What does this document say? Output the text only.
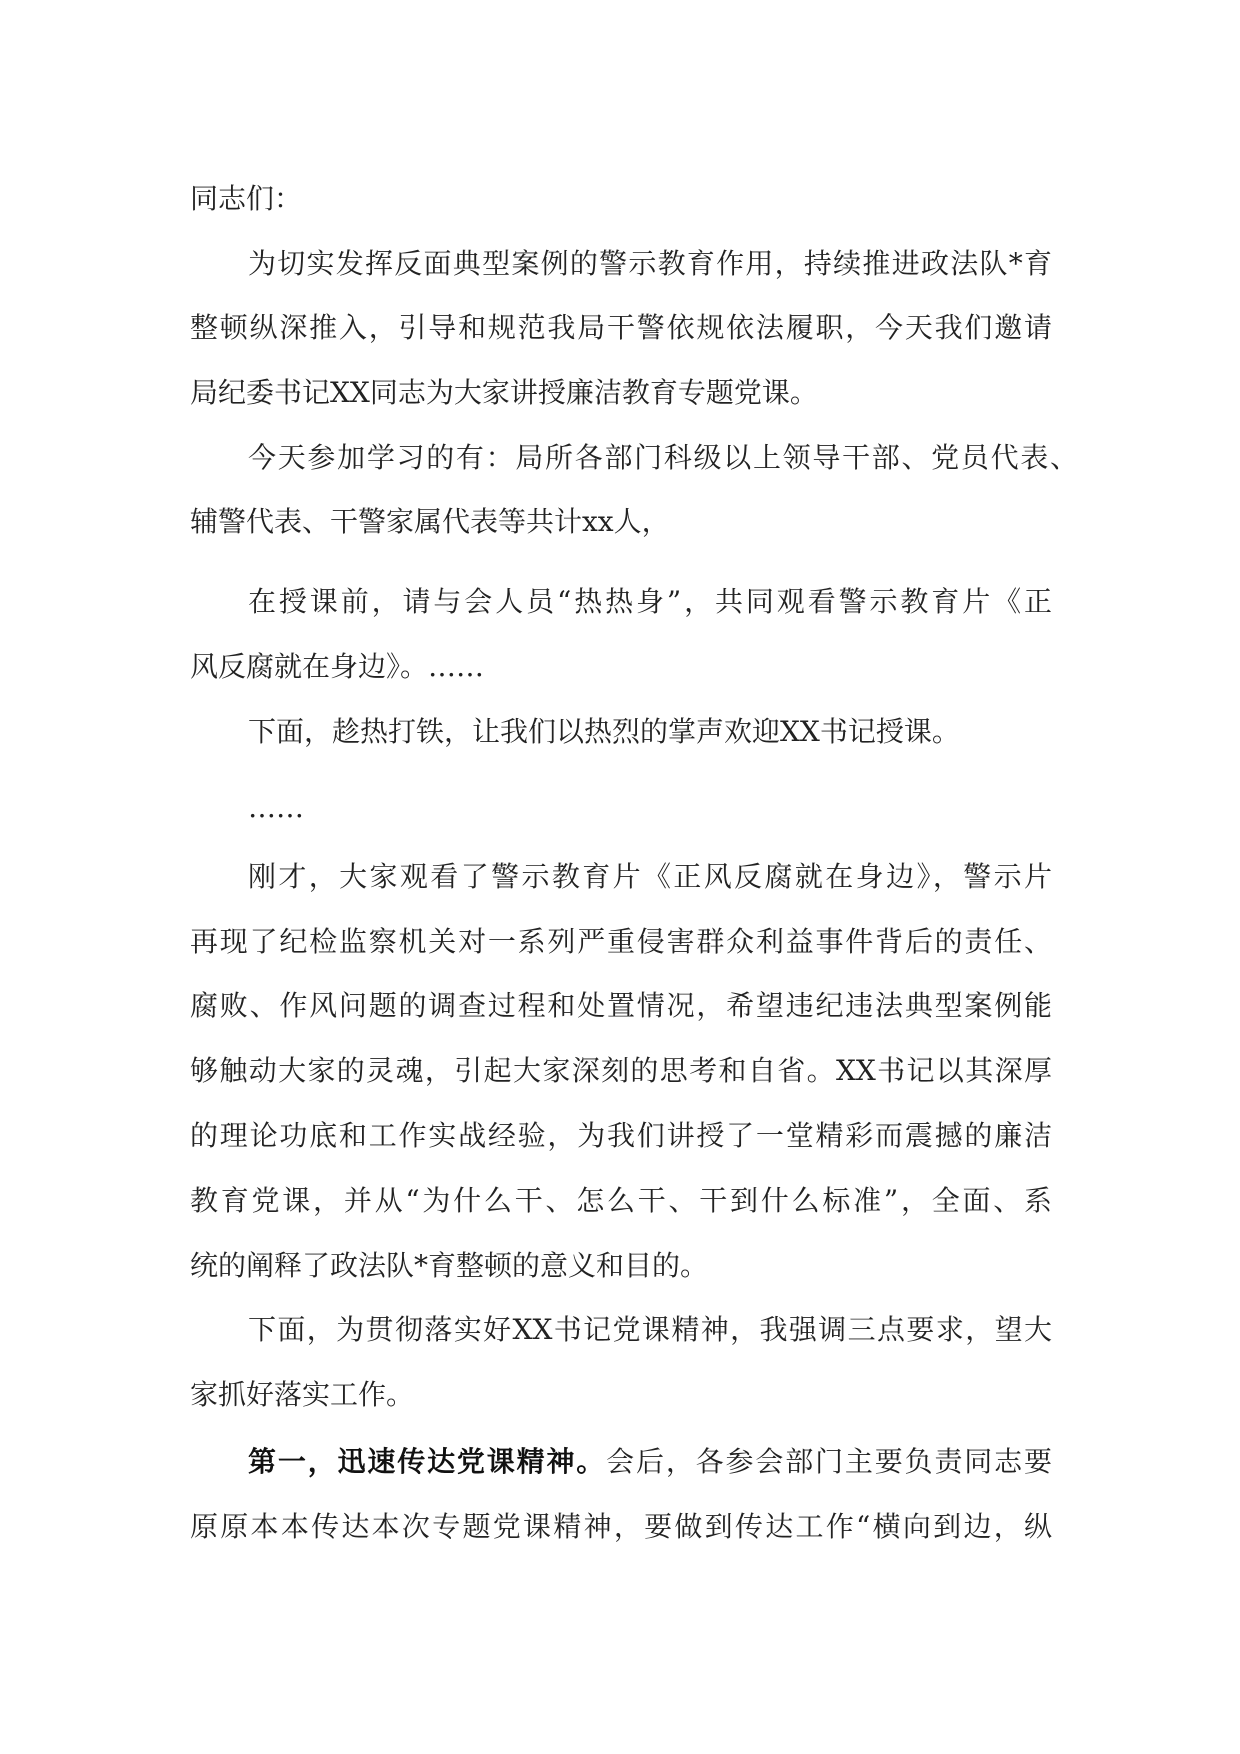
同志们：
为切实发挥反面典型案例的警示教育作用，持续推进政法队*育
整顿纵深推入，引导和规范我局干警依规依法履职，今天我们邀请
局纪委书记XX同志为大家讲授廉洁教育专题党课。
今天参加学习的有：局所各部门科级以上领导干部、党员代表、
辅警代表、干警家属代表等共计xx人，
在授课前，请与会人员“热热身”，共同观看警示教育片《正
风反腐就在身边》。……
下面，趁热打铁，让我们以热烈的掌声欢迎XX书记授课。
……
刚才，大家观看了警示教育片《正风反腐就在身边》，警示片
再现了纪检监察机关对一系列严重侵害群众利益事件背后的责任、
腐败、作风问题的调查过程和处置情况，希望违纪违法典型案例能
够触动大家的灵魂，引起大家深刻的思考和自省。XX书记以其深厚
的理论功底和工作实战经验，为我们讲授了一堂精彩而震撼的廉洁
教育党课，并从“为什么干、怎么干、干到什么标准”，全面、系
统的阐释了政法队*育整顿的意义和目的。
下面，为贯彻落实好XX书记党课精神，我强调三点要求，望大
家抓好落实工作。
第一，迅速传达党课精神。会后，各参会部门主要负责同志要
原原本本传达本次专题党课精神，要做到传达工作“横向到边，纵
